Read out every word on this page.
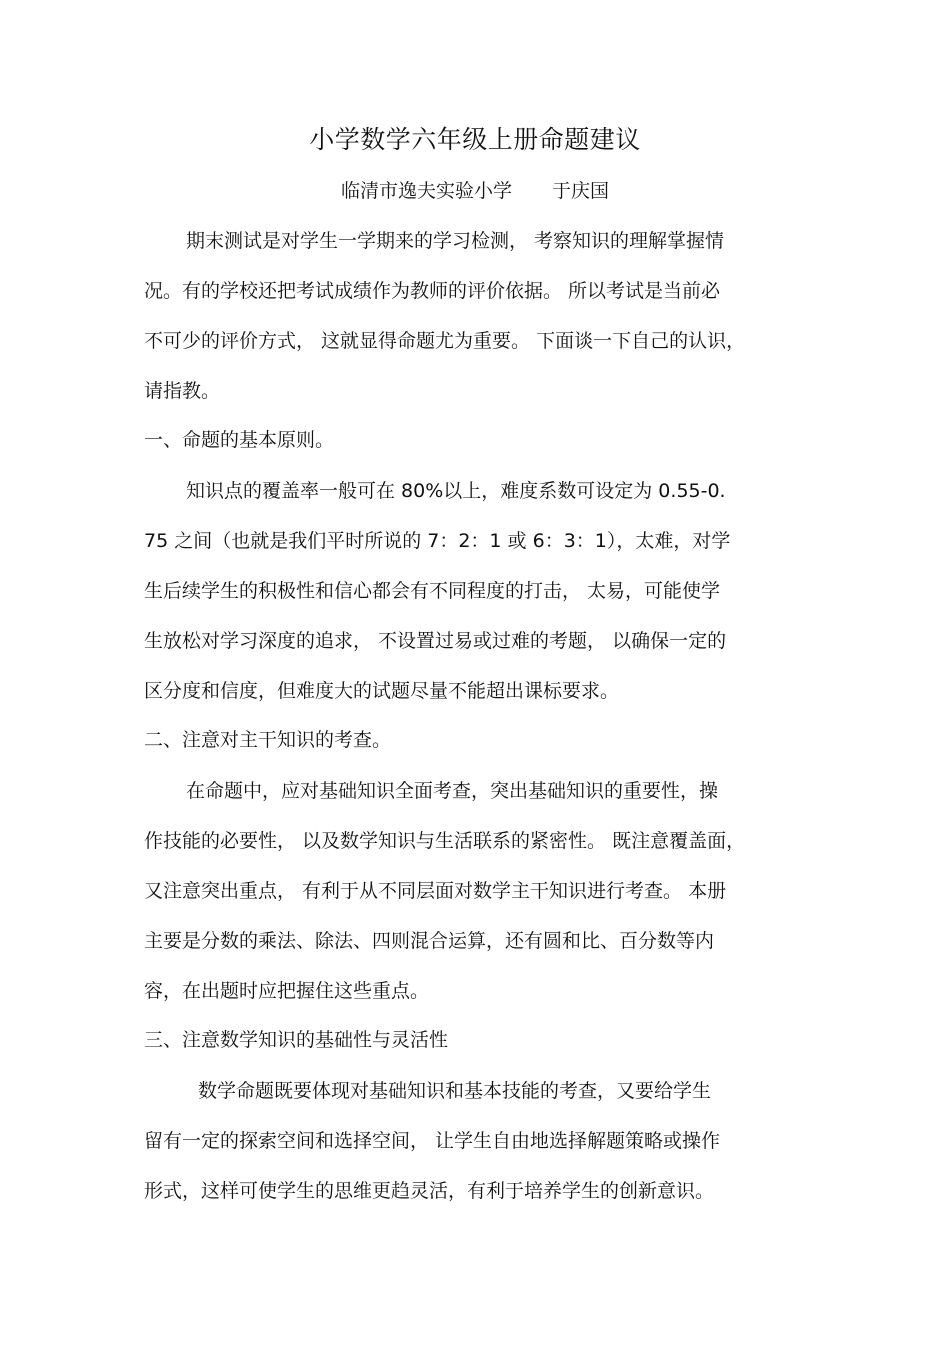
小学数学六年级上册命题建议
临清市逸夫实验小学 于庆国
期末测试是对学生一学期来的学习检测， 考察知识的理解掌握情
况。有的学校还把考试成绩作为教师的评价依据。 所以考试是当前必
不可少的评价方式， 这就显得命题尤为重要。 下面谈一下自己的认识，
请指教。
一、命题的基本原则。
知识点的覆盖率一般可在 80%以上，难度系数可设定为 0.55-0.
75 之间（也就是我们平时所说的 7：2：1 或 6：3：1），太难，对学
生后续学生的积极性和信心都会有不同程度的打击， 太易，可能使学
生放松对学习深度的追求， 不设置过易或过难的考题， 以确保一定的
区分度和信度，但难度大的试题尽量不能超出课标要求。
二、注意对主干知识的考查。
在命题中，应对基础知识全面考查，突出基础知识的重要性，操
作技能的必要性， 以及数学知识与生活联系的紧密性。 既注意覆盖面，
又注意突出重点， 有利于从不同层面对数学主干知识进行考查。 本册
主要是分数的乘法、除法、四则混合运算，还有圆和比、百分数等内
容，在出题时应把握住这些重点。
三、注意数学知识的基础性与灵活性
数学命题既要体现对基础知识和基本技能的考查，又要给学生
留有一定的探索空间和选择空间， 让学生自由地选择解题策略或操作
形式，这样可使学生的思维更趋灵活，有利于培养学生的创新意识。
